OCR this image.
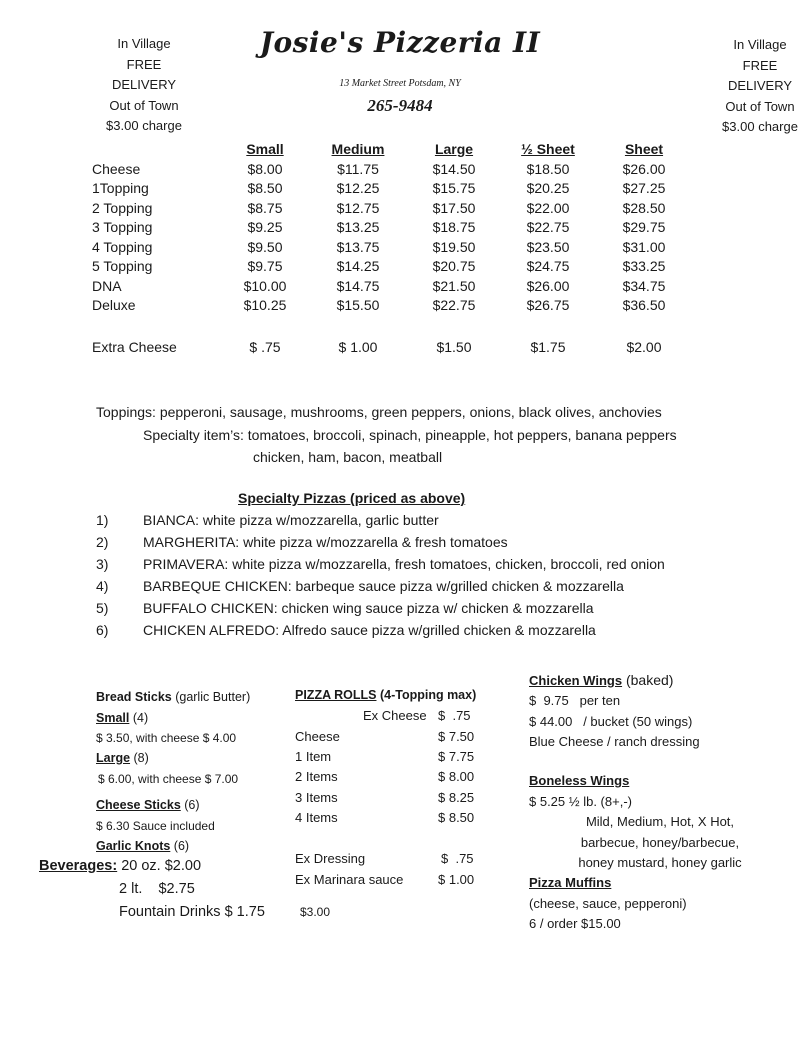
In Village
FREE
DELIVERY
Out of Town
$3.00 charge
In Village
FREE
DELIVERY
Out of Town
$3.00 charge
Josie's Pizzeria II
13 Market Street Potsdam, NY
265-9484
	Small	Medium	Large	½ Sheet	Sheet
Cheese	$8.00	$11.75	$14.50	$18.50	$26.00
1Topping	$8.50	$12.25	$15.75	$20.25	$27.25
2 Topping	$8.75	$12.75	$17.50	$22.00	$28.50
3 Topping	$9.25	$13.25	$18.75	$22.75	$29.75
4 Topping	$9.50	$13.75	$19.50	$23.50	$31.00
5 Topping	$9.75	$14.25	$20.75	$24.75	$33.25
DNA	$10.00	$14.75	$21.50	$26.00	$34.75
Deluxe	$10.25	$15.50	$22.75	$26.75	$36.50

Extra Cheese	$ .75	$ 1.00	$1.50	$1.75	$2.00
Toppings: pepperoni, sausage, mushrooms, green peppers, onions, black olives, anchovies
Specialty item’s: tomatoes, broccoli, spinach, pineapple, hot peppers, banana peppers
chicken, ham, bacon, meatball
Specialty Pizzas (priced as above)
1) BIANCA: white pizza w/mozzarella, garlic butter
2) MARGHERITA: white pizza w/mozzarella & fresh tomatoes
3) PRIMAVERA: white pizza w/mozzarella, fresh tomatoes, chicken, broccoli, red onion
4) BARBEQUE CHICKEN: barbeque sauce pizza w/grilled chicken & mozzarella
5) BUFFALO CHICKEN: chicken wing sauce pizza w/ chicken & mozzarella
6) CHICKEN ALFREDO: Alfredo sauce pizza w/grilled chicken & mozzarella
Bread Sticks (garlic Butter)
Small (4)
$ 3.50, with cheese $ 4.00
Large (8)
$ 6.00, with cheese $ 7.00
Cheese Sticks (6)
$ 6.30 Sauce included
Garlic Knots (6)
Beverages: 20 oz. $2.00
2 lt.    $2.75
Fountain Drinks $ 1.75
PIZZA ROLLS (4-Topping max)
Ex Cheese $  .75
Cheese	$ 7.50
1 Item	$ 7.75
2 Items	$ 8.00
3 Items	$ 8.25
4 Items	$ 8.50
Ex Dressing	$  .75
Ex Marinara sauce	$ 1.00
$3.00
Chicken Wings (baked)
$  9.75   per ten
$ 44.00   / bucket (50 wings)
Blue Cheese / ranch dressing
Boneless Wings
$ 5.25 ½ lb. (8+,-)
Mild, Medium, Hot, X Hot,
barbecue, honey/barbecue,
honey mustard, honey garlic
Pizza Muffins
(cheese, sauce, pepperoni)
6 / order $15.00
